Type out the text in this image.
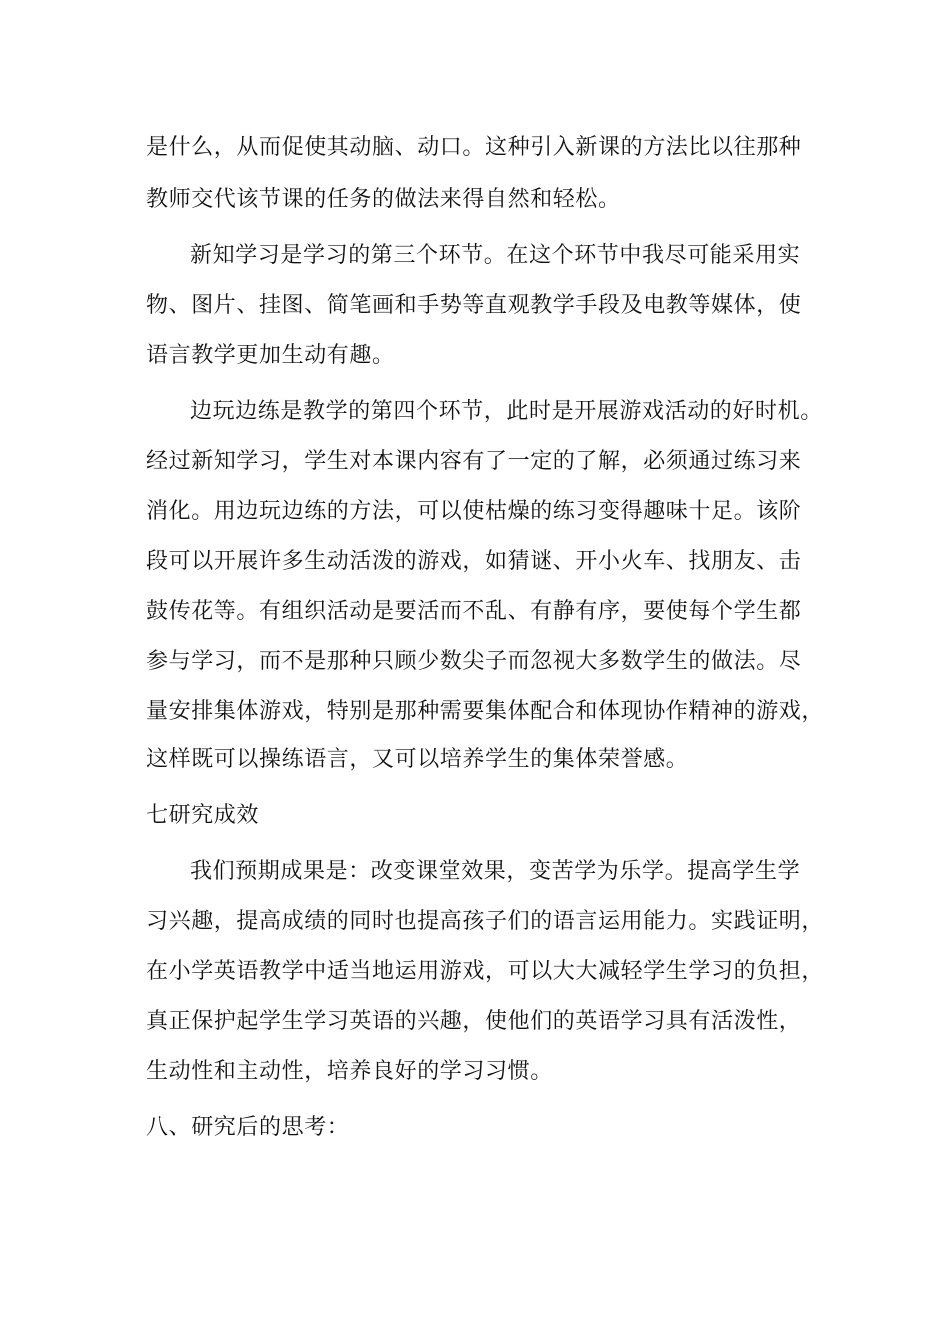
是什么，从而促使其动脑、动口。这种引入新课的方法比以往那种
教师交代该节课的任务的做法来得自然和轻松。
新知学习是学习的第三个环节。在这个环节中我尽可能采用实
物、图片、挂图、简笔画和手势等直观教学手段及电教等媒体，使
语言教学更加生动有趣。
边玩边练是教学的第四个环节，此时是开展游戏活动的好时机。
经过新知学习，学生对本课内容有了一定的了解，必须通过练习来
消化。用边玩边练的方法，可以使枯燥的练习变得趣味十足。该阶
段可以开展许多生动活泼的游戏，如猜谜、开小火车、找朋友、击
鼓传花等。有组织活动是要活而不乱、有静有序，要使每个学生都
参与学习，而不是那种只顾少数尖子而忽视大多数学生的做法。尽
量安排集体游戏，特别是那种需要集体配合和体现协作精神的游戏，
这样既可以操练语言，又可以培养学生的集体荣誉感。
七研究成效
我们预期成果是：改变课堂效果，变苦学为乐学。提高学生学
习兴趣，提高成绩的同时也提高孩子们的语言运用能力。实践证明，
在小学英语教学中适当地运用游戏，可以大大减轻学生学习的负担，
真正保护起学生学习英语的兴趣，使他们的英语学习具有活泼性，
生动性和主动性，培养良好的学习习惯。
八、研究后的思考：
